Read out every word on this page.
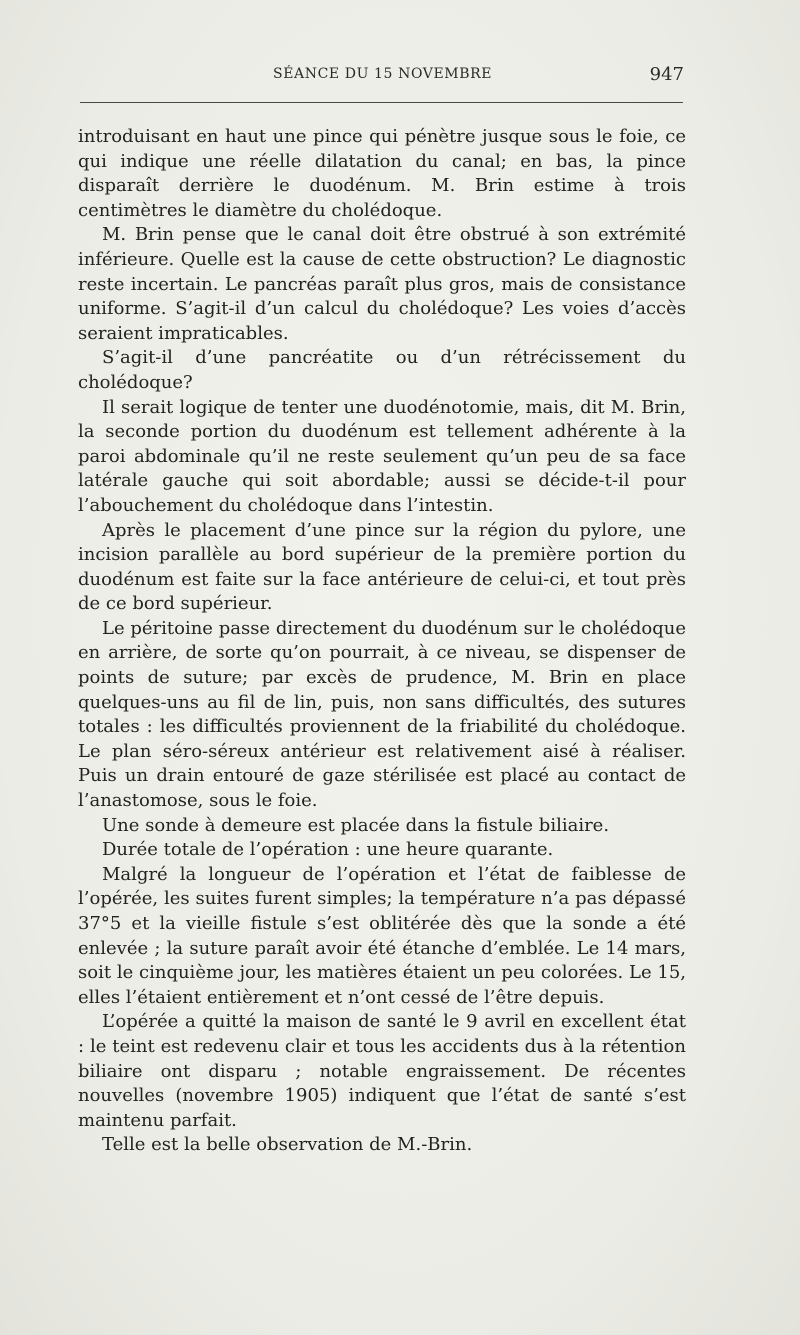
SÉANCE DU 15 NOVEMBRE	947

introduisant en haut une pince qui pénètre jusque sous le foie, ce qui indique une réelle dilatation du canal; en bas, la pince disparaît derrière le duodénum. M. Brin estime à trois centimètres le diamètre du cholédoque.

M. Brin pense que le canal doit être obstrué à son extrémité inférieure. Quelle est la cause de cette obstruction? Le diagnostic reste incertain. Le pancréas paraît plus gros, mais de consistance uniforme. S’agit-il d’un calcul du cholédoque? Les voies d’accès seraient impraticables.

S’agit-il d’une pancréatite ou d’un rétrécissement du cholédoque?

Il serait logique de tenter une duodénotomie, mais, dit M. Brin, la seconde portion du duodénum est tellement adhérente à la paroi abdominale qu’il ne reste seulement qu’un peu de sa face latérale gauche qui soit abordable; aussi se décide-t-il pour l’abouchement du cholédoque dans l’intestin.

Après le placement d’une pince sur la région du pylore, une incision parallèle au bord supérieur de la première portion du duodénum est faite sur la face antérieure de celui-ci, et tout près de ce bord supérieur.

Le péritoine passe directement du duodénum sur le cholédoque en arrière, de sorte qu’on pourrait, à ce niveau, se dispenser de points de suture; par excès de prudence, M. Brin en place quelques-uns au fil de lin, puis, non sans difficultés, des sutures totales : les difficultés proviennent de la friabilité du cholédoque. Le plan séro-séreux antérieur est relativement aisé à réaliser. Puis un drain entouré de gaze stérilisée est placé au contact de l’anastomose, sous le foie.

Une sonde à demeure est placée dans la fistule biliaire.

Durée totale de l’opération : une heure quarante.

Malgré la longueur de l’opération et l’état de faiblesse de l’opérée, les suites furent simples; la température n’a pas dépassé 37°5 et la vieille fistule s’est oblitérée dès que la sonde a été enlevée ; la suture paraît avoir été étanche d’emblée. Le 14 mars, soit le cinquième jour, les matières étaient un peu colorées. Le 15, elles l’étaient entièrement et n’ont cessé de l’être depuis.

L’opérée a quitté la maison de santé le 9 avril en excellent état : le teint est redevenu clair et tous les accidents dus à la rétention biliaire ont disparu ; notable engraissement. De récentes nouvelles (novembre 1905) indiquent que l’état de santé s’est maintenu parfait.

Telle est la belle observation de M.-Brin.
